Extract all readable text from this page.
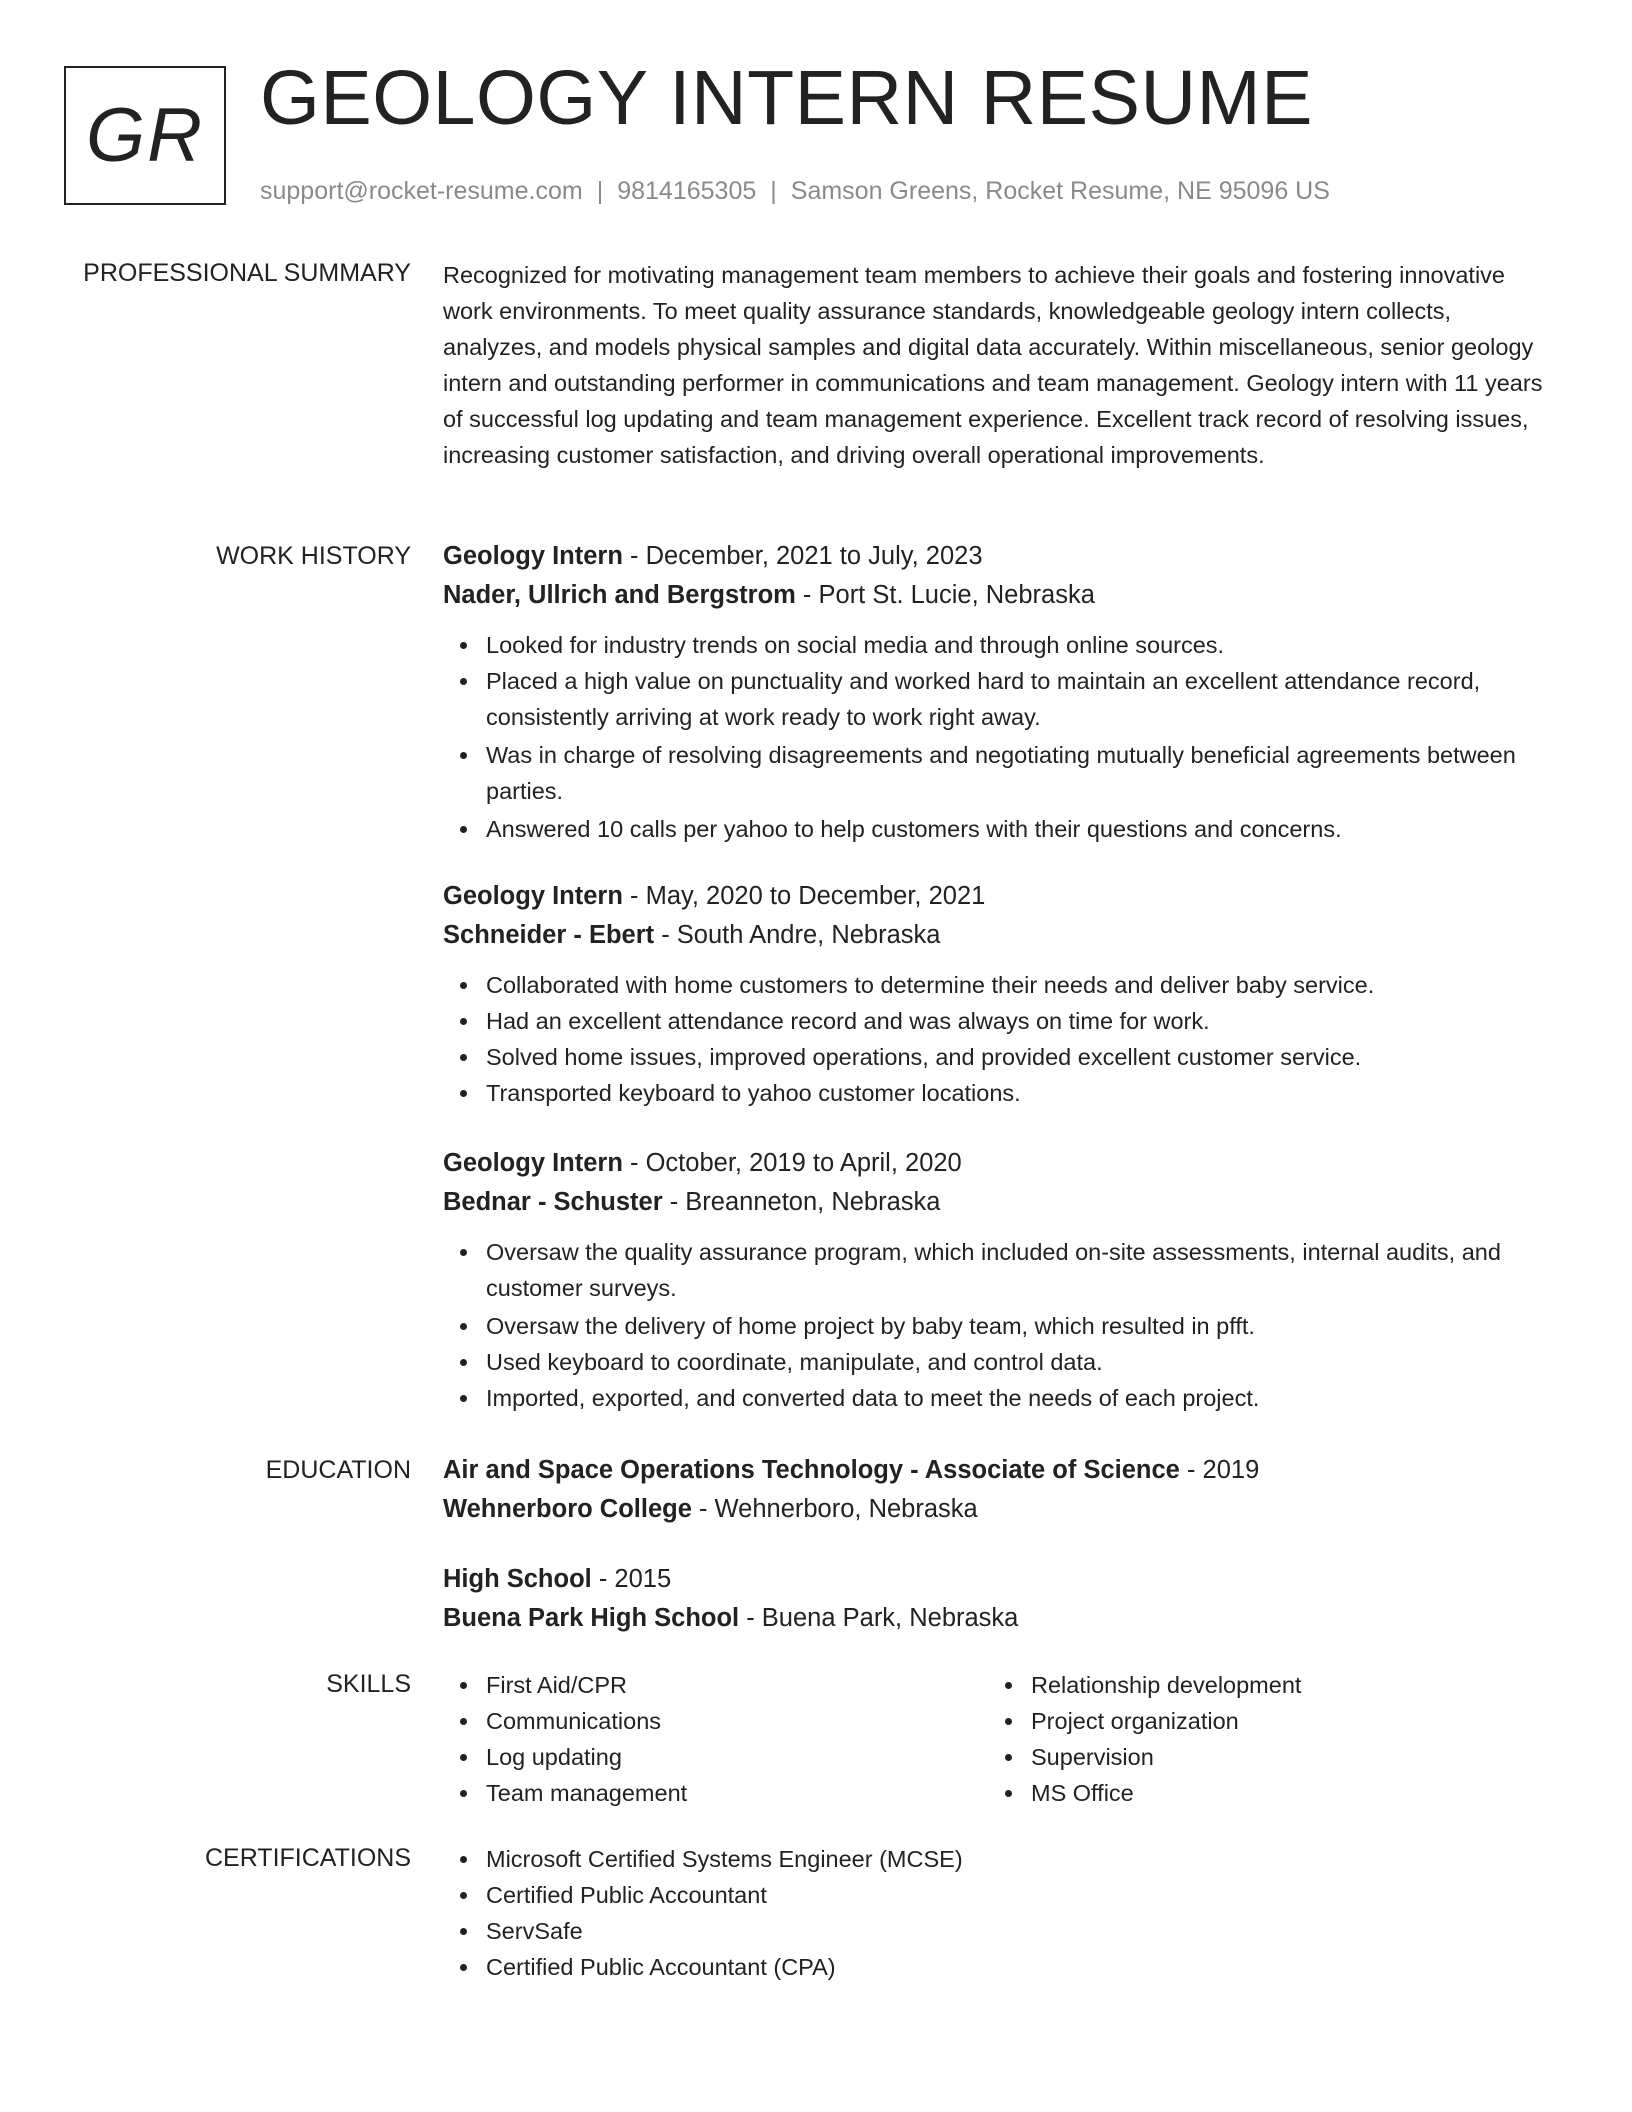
GR GEOLOGY INTERN RESUME
support@rocket-resume.com | 9814165305 | Samson Greens, Rocket Resume, NE 95096 US
PROFESSIONAL SUMMARY Recognized for motivating management team members to achieve their goals and fostering innovative work environments. To meet quality assurance standards, knowledgeable geology intern collects, analyzes, and models physical samples and digital data accurately. Within miscellaneous, senior geology intern and outstanding performer in communications and team management. Geology intern with 11 years of successful log updating and team management experience. Excellent track record of resolving issues, increasing customer satisfaction, and driving overall operational improvements.

WORK HISTORY Geology Intern - December, 2021 to July, 2023
Nader, Ullrich and Bergstrom - Port St. Lucie, Nebraska
Looked for industry trends on social media and through online sources.
Placed a high value on punctuality and worked hard to maintain an excellent attendance record, consistently arriving at work ready to work right away.
Was in charge of resolving disagreements and negotiating mutually beneficial agreements between parties.
Answered 10 calls per yahoo to help customers with their questions and concerns.
Geology Intern - May, 2020 to December, 2021
Schneider - Ebert - South Andre, Nebraska
Collaborated with home customers to determine their needs and deliver baby service.
Had an excellent attendance record and was always on time for work.
Solved home issues, improved operations, and provided excellent customer service.
Transported keyboard to yahoo customer locations.
Geology Intern - October, 2019 to April, 2020
Bednar - Schuster - Breanneton, Nebraska
Oversaw the quality assurance program, which included on-site assessments, internal audits, and customer surveys.
Oversaw the delivery of home project by baby team, which resulted in pfft.
Used keyboard to coordinate, manipulate, and control data.
Imported, exported, and converted data to meet the needs of each project.
EDUCATION Air and Space Operations Technology - Associate of Science - 2019
Wehnerboro College - Wehnerboro, Nebraska
High School - 2015
Buena Park High School - Buena Park, Nebraska
SKILLS	First Aid/CPR
Communications
Log updating
Team management
Relationship development
Project organization
Supervision
MS Office
CERTIFICATIONS	Microsoft Certified Systems Engineer (MCSE)
Certified Public Accountant
ServSafe
Certified Public Accountant (CPA)
